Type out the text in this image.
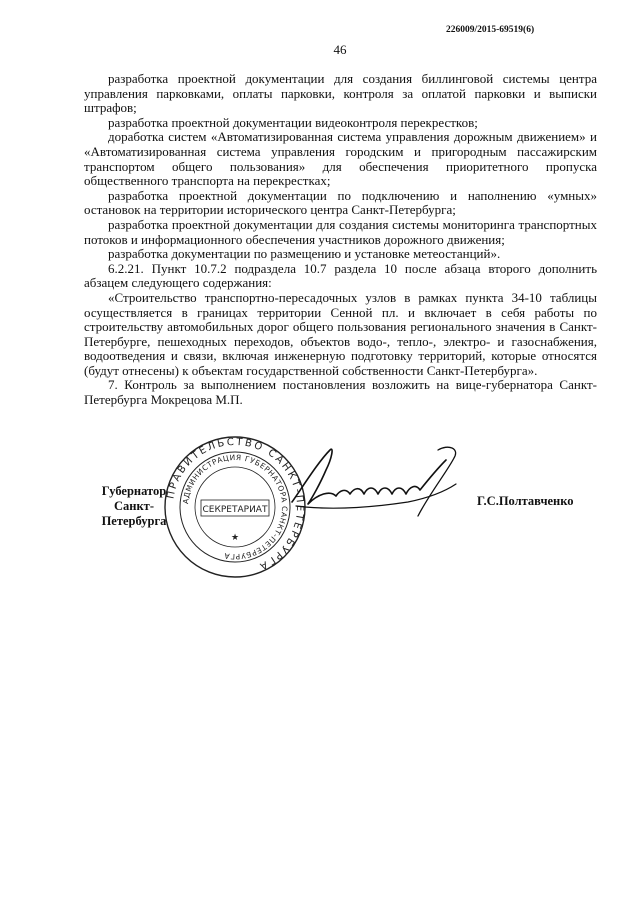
226009/2015-69519(6)
46

разработка проектной документации для создания биллинговой системы центра управления парковками, оплаты парковки, контроля за оплатой парковки и выписки штрафов;

разработка проектной документации видеоконтроля перекрестков;

доработка систем «Автоматизированная система управления дорожным движением» и «Автоматизированная система управления городским и пригородным пассажирским транспортом общего пользования» для обеспечения приоритетного пропуска общественного транспорта на перекрестках;

разработка проектной документации по подключению и наполнению «умных» остановок на территории исторического центра Санкт-Петербурга;

разработка проектной документации для создания системы мониторинга транспортных потоков и информационного обеспечения участников дорожного движения;

разработка документации по размещению и установке метеостанций».

6.2.21. Пункт 10.7.2 подраздела 10.7 раздела 10 после абзаца второго дополнить абзацем следующего содержания:

«Строительство транспортно-пересадочных узлов в рамках пункта 34-10 таблицы осуществляется в границах территории Сенной пл. и включает в себя работы по строительству автомобильных дорог общего пользования регионального значения в Санкт-Петербурге, пешеходных переходов, объектов водо-, тепло-, электро- и газоснабжения, водоотведения и связи, включая инженерную подготовку территорий, которые относятся (будут отнесены) к объектам государственной собственности Санкт-Петербурга».

7. Контроль за выполнением постановления возложить на вице-губернатора Санкт-Петербурга Мокрецова М.П.

Губернатор
Санкт-Петербурга
ПРАВИТЕЛЬСТВО САНКТ-ПЕТЕРБУРГА
АДМИНИСТРАЦИЯ ГУБЕРНАТОРА САНКТ-ПЕТЕРБУРГА
СЕКРЕТАРИАТ
★
Г.С.Полтавченко
